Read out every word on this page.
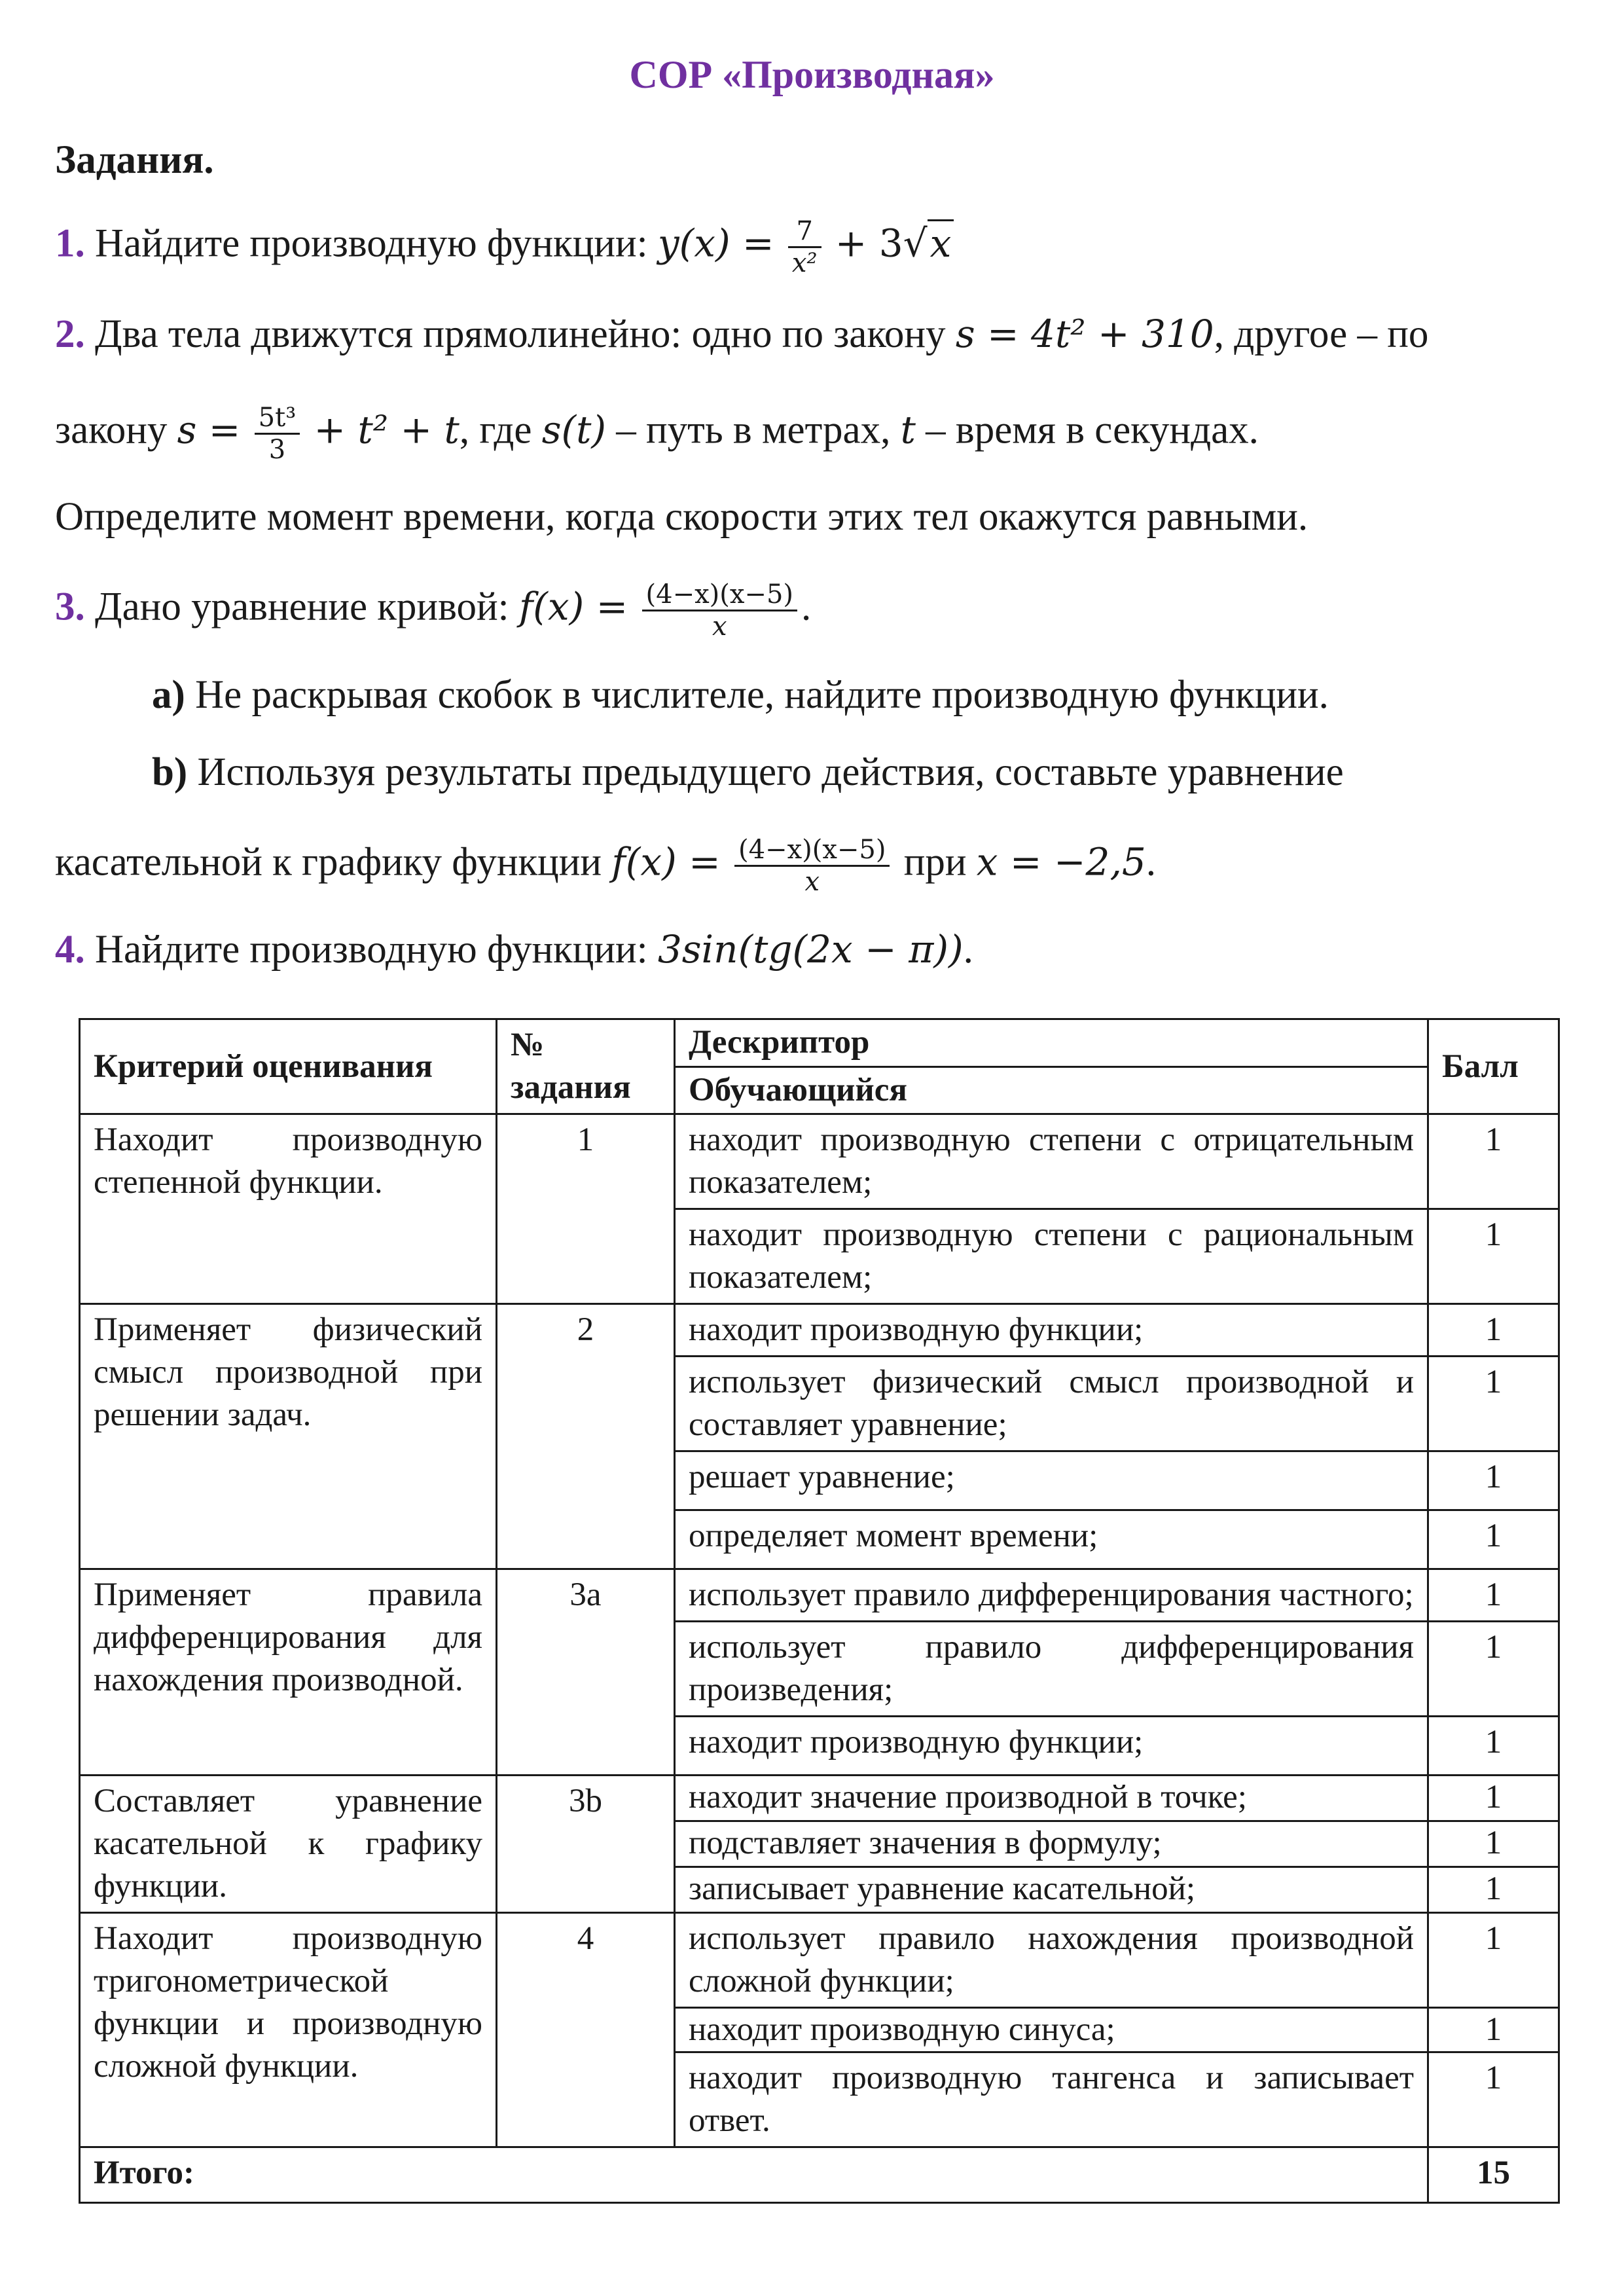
СОР «Производная»
Задания.
1. Найдите производную функции: $y(x) = \frac{7}{\text{x²}} + 3√x$
2. Два тела движутся прямолинейно: одно по закону s = 4t² + 310, другое – по
закону $s = \frac{\text{5t³}}{3} + t^2 + t$, где s(t) – путь в метрах, t – время в секундах.
Определите момент времени, когда скорости этих тел окажутся равными.
3. Дано уравнение кривой: $f(x) = \frac{(4-x)(x-5)}{x}$ .
a) Не раскрывая скобок в числителе, найдите производную функции.
b) Используя результаты предыдущего действия, составьте уравнение
касательной к графику функции $f(x) = \frac{(4-x)(x-5)}{x}$ при x = −2,5.
4. Найдите производную функции: 3sin(tg(2x − π)).
Критерий оценивания	№ задания	Дескриптор	Балл
		Обучающийся	
Находит производную степенной функции.	1	находит производную степени с отрицательным показателем;	1
		находит производную степени с рациональным показателем;	1
Применяет физический смысл производной при решении задач.	2	находит производную функции;	1
		использует физический смысл производной и составляет уравнение;	1
		решает уравнение;	1
		определяет момент времени;	1
Применяет правила дифференцирования для нахождения производной.	3a	использует правило дифференцирования частного;	1
		использует правило дифференцирования произведения;	1
		находит производную функции;	1
Составляет уравнение касательной к графику функции.	3b	находит значение производной в точке;	1
		подставляет значения в формулу;	1
		записывает уравнение касательной;	1
Находит производную тригонометрической функции и производную сложной функции.	4	использует правило нахождения производной сложной функции;	1
		находит производную синуса;	1
		находит производную тангенса и записывает ответ.	1
Итого:			15
